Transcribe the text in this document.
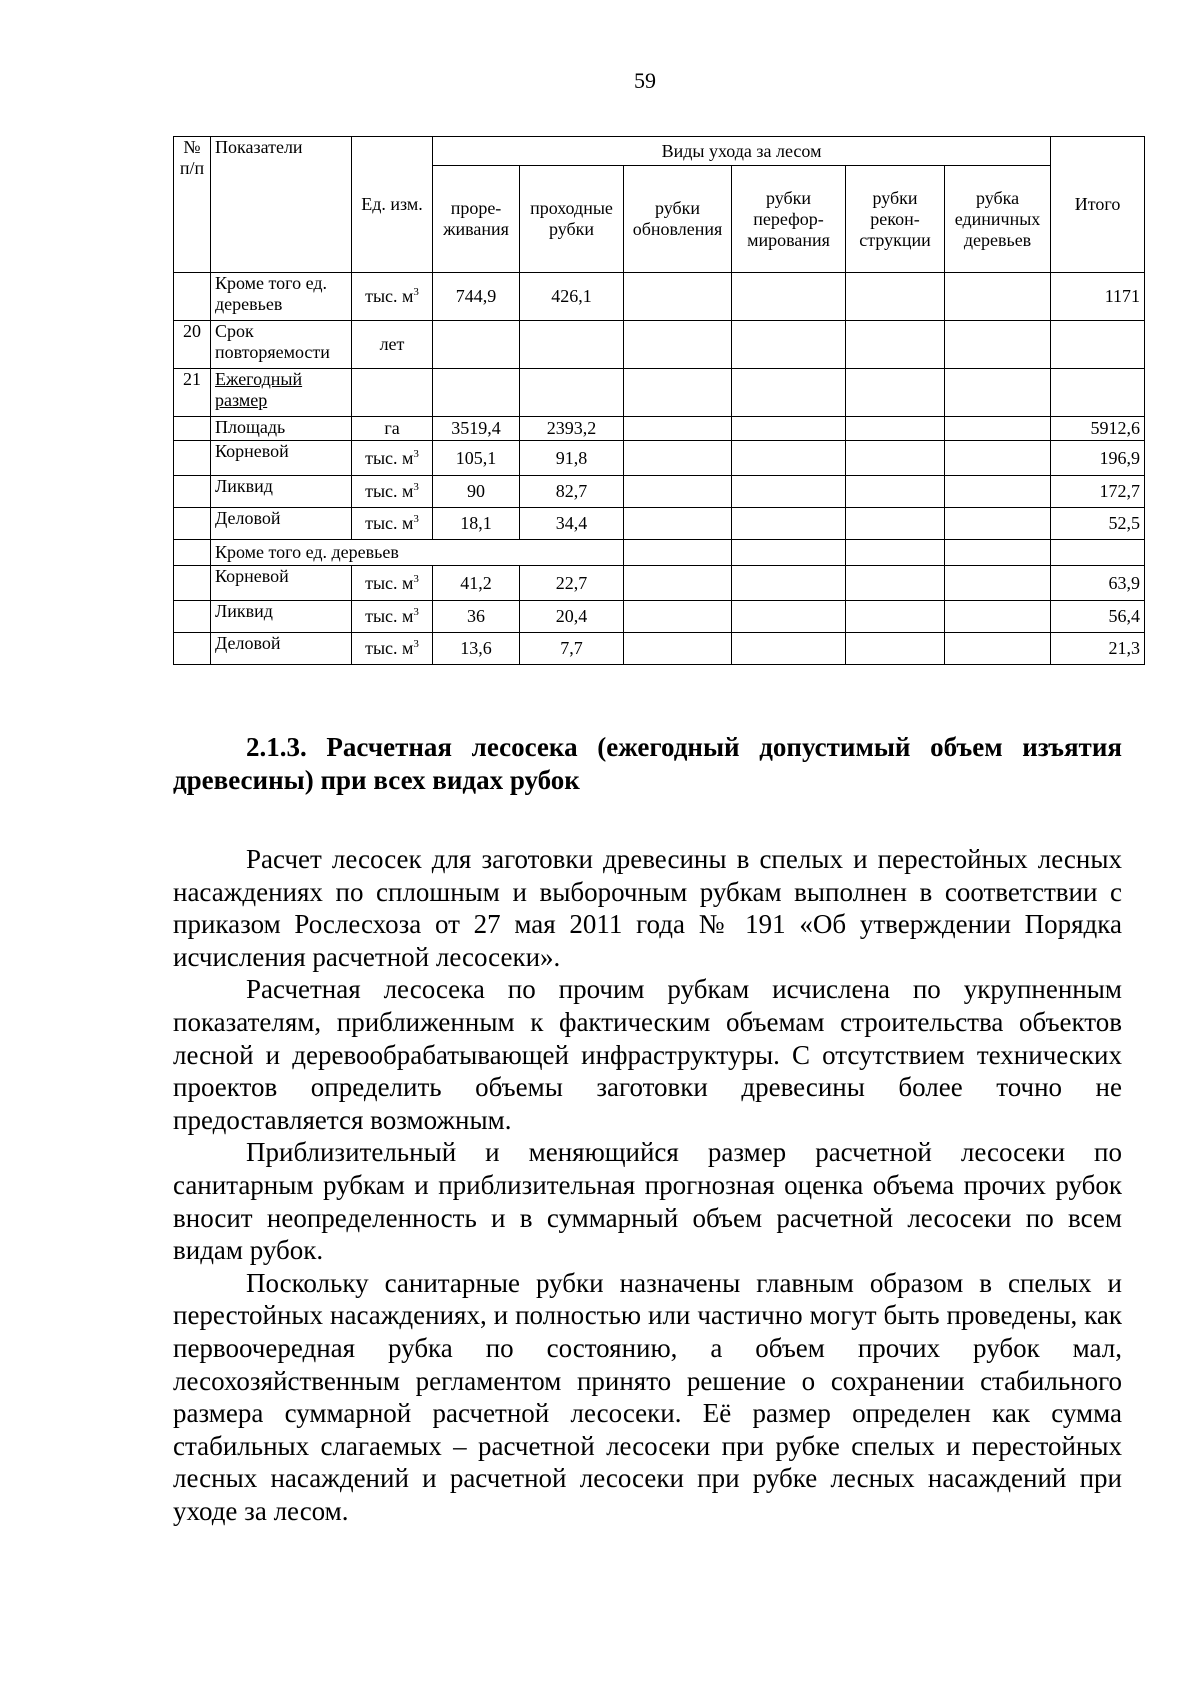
59
№ п/п	Показатели	Ед. изм.	Виды ухода за лесом						Итого
			проре-живания	проходные рубки	рубки обновления	рубки перефор-мирования	рубки рекон-струкции	рубка единичных деревьев	
	Кроме того ед. деревьев	тыс. $м^3$	744,9	426,1					1171
20	Срок повторяемости	лет							
21	Ежегодный размер								
	Площадь	га	3519,4	2393,2					5912,6
	Корневой	тыс. $м^3$	105,1	91,8					196,9
	Ликвид	тыс. $м^3$	90	82,7					172,7
	Деловой	тыс. $м^3$	18,1	34,4					52,5
	Кроме того ед. деревьев								
	Корневой	тыс. $м^3$	41,2	22,7					63,9
	Ликвид	тыс. $м^3$	36	20,4					56,4
	Деловой	тыс. $м^3$	13,6	7,7					21,3
2.1.3. Расчетная лесосека (ежегодный допустимый объем изъятия
древесины) при всех видах рубок

Расчет лесосек для заготовки древесины в спелых и перестойных лесных насаждениях по сплошным и выборочным рубкам выполнен в соответствии с приказом Рослесхоза от 27 мая 2011 года № 191 «Об утверждении Порядка исчисления расчетной лесосеки».

Расчетная лесосека по прочим рубкам исчислена по укрупненным показателям, приближенным к фактическим объемам строительства объектов лесной и деревообрабатывающей инфраструктуры. С отсутствием технических проектов определить объемы заготовки древесины более точно не предоставляется возможным.

Приблизительный и меняющийся размер расчетной лесосеки по санитарным рубкам и приблизительная прогнозная оценка объема прочих рубок вносит неопределенность и в суммарный объем расчетной лесосеки по всем видам рубок.

Поскольку санитарные рубки назначены главным образом в спелых и перестойных насаждениях, и полностью или частично могут быть проведены, как первоочередная рубка по состоянию, а объем прочих рубок мал, лесохозяйственным регламентом принято решение о сохранении стабильного размера суммарной расчетной лесосеки. Её размер определен как сумма стабильных слагаемых – расчетной лесосеки при рубке спелых и перестойных лесных насаждений и расчетной лесосеки при рубке лесных насаждений при уходе за лесом.
